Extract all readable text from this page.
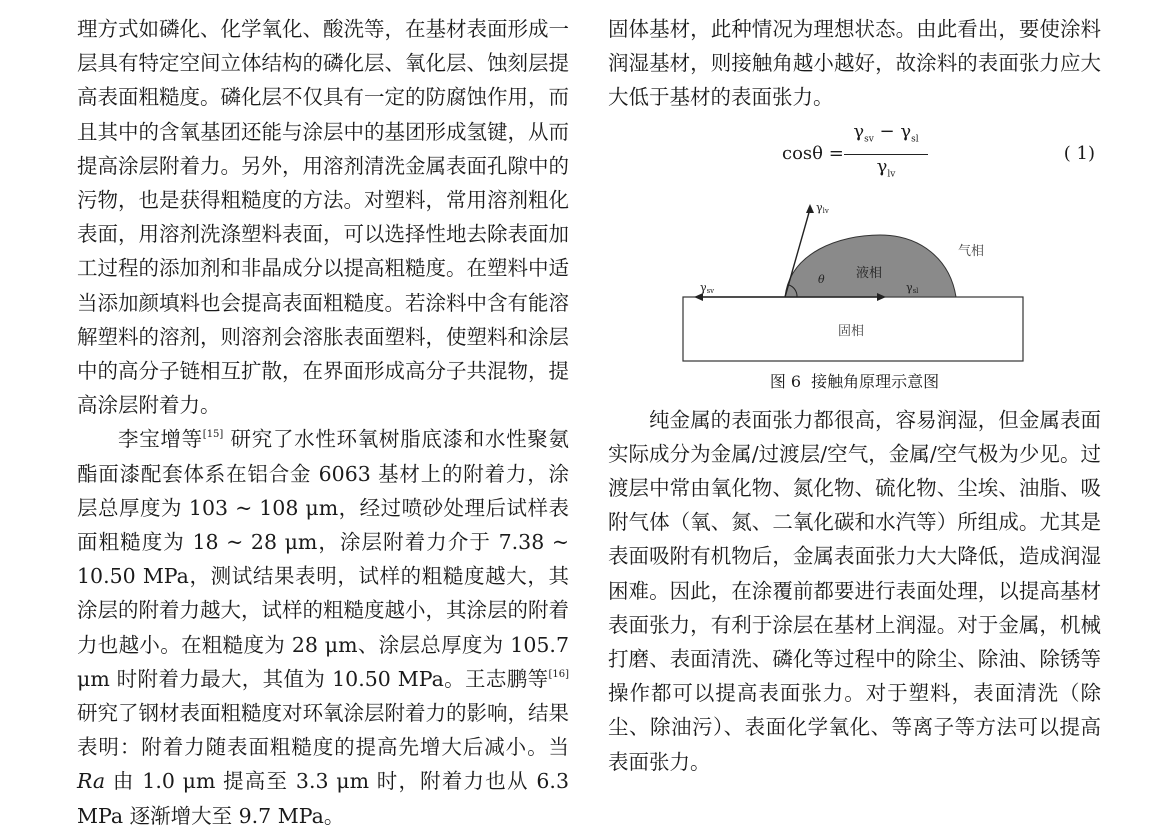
理方式如磷化、化学氧化、酸洗等，在基材表面形成一层具有特定空间立体结构的磷化层、氧化层、蚀刻层提高表面粗糙度。磷化层不仅具有一定的防腐蚀作用，而且其中的含氧基团还能与涂层中的基团形成氢键，从而提高涂层附着力。另外，用溶剂清洗金属表面孔隙中的污物，也是获得粗糙度的方法。对塑料，常用溶剂粗化表面，用溶剂洗涤塑料表面，可以选择性地去除表面加工过程的添加剂和非晶成分以提高粗糙度。在塑料中适当添加颜填料也会提高表面粗糙度。若涂料中含有能溶解塑料的溶剂，则溶剂会溶胀表面塑料，使塑料和涂层中的高分子链相互扩散，在界面形成高分子共混物，提高涂层附着力。

李宝增等[15] 研究了水性环氧树脂底漆和水性聚氨酯面漆配套体系在铝合金 6063 基材上的附着力，涂层总厚度为 103 ~ 108 μm，经过喷砂处理后试样表面粗糙度为 18 ~ 28 μm，涂层附着力介于 7.38 ~ 10.50 MPa，测试结果表明，试样的粗糙度越大，其涂层的附着力越大，试样的粗糙度越小，其涂层的附着力也越小。在粗糙度为 28 μm、涂层总厚度为 105.7 μm 时附着力最大，其值为 10.50 MPa。王志鹏等[16] 研究了钢材表面粗糙度对环氧涂层附着力的影响，结果表明：附着力随表面粗糙度的提高先增大后减小。当 Ra 由 1.0 μm 提高至 3.3 μm 时，附着力也从 6.3 MPa 逐渐增大至 9.7 MPa。

固体基材，此种情况为理想状态。由此看出，要使涂料润湿基材，则接触角越小越好，故涂料的表面张力应大大低于基材的表面张力。

cosθ =
$\gamma_{sv} - \gamma_{sl}$
$\gamma_{lv}$
( 1)
γlv
γsv	γsl
θ 液相
气相
固相
图 6 接触角原理示意图

纯金属的表面张力都很高，容易润湿，但金属表面实际成分为金属/过渡层/空气，金属/空气极为少见。过渡层中常由氧化物、氮化物、硫化物、尘埃、油脂、吸附气体（氧、氮、二氧化碳和水汽等）所组成。尤其是表面吸附有机物后，金属表面张力大大降低，造成润湿困难。因此，在涂覆前都要进行表面处理，以提高基材表面张力，有利于涂层在基材上润湿。对于金属，机械打磨、表面清洗、磷化等过程中的除尘、除油、除锈等操作都可以提高表面张力。对于塑料，表面清洗（除尘、除油污）、表面化学氧化、等离子等方法可以提高表面张力。
